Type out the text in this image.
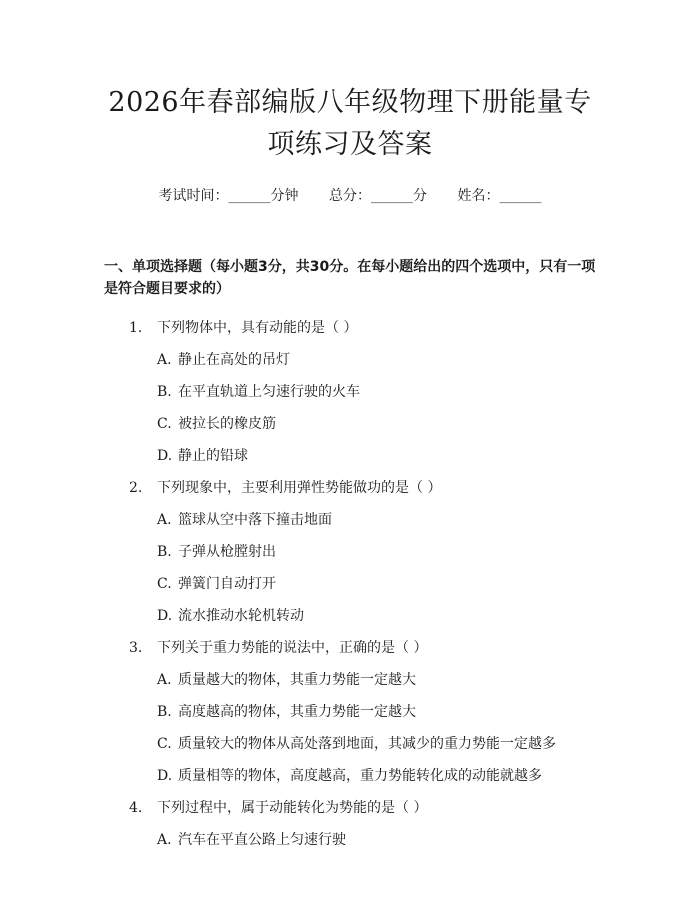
2026年春部编版八年级物理下册能量专项练习及答案
考试时间：______分钟 总分：______分 姓名：______
一、单项选择题（每小题3分，共30分。在每小题给出的四个选项中，只有一项是符合题目要求的）
1.	下列物体中，具有动能的是（ ）
A. 静止在高处的吊灯
B. 在平直轨道上匀速行驶的火车
C. 被拉长的橡皮筋
D. 静止的铅球
2.	下列现象中，主要利用弹性势能做功的是（ ）
A. 篮球从空中落下撞击地面
B. 子弹从枪膛射出
C. 弹簧门自动打开
D. 流水推动水轮机转动
3.	下列关于重力势能的说法中，正确的是（ ）
A. 质量越大的物体，其重力势能一定越大
B. 高度越高的物体，其重力势能一定越大
C. 质量较大的物体从高处落到地面，其减少的重力势能一定越多
D. 质量相等的物体，高度越高，重力势能转化成的动能就越多
4.	下列过程中，属于动能转化为势能的是（ ）
A. 汽车在平直公路上匀速行驶
